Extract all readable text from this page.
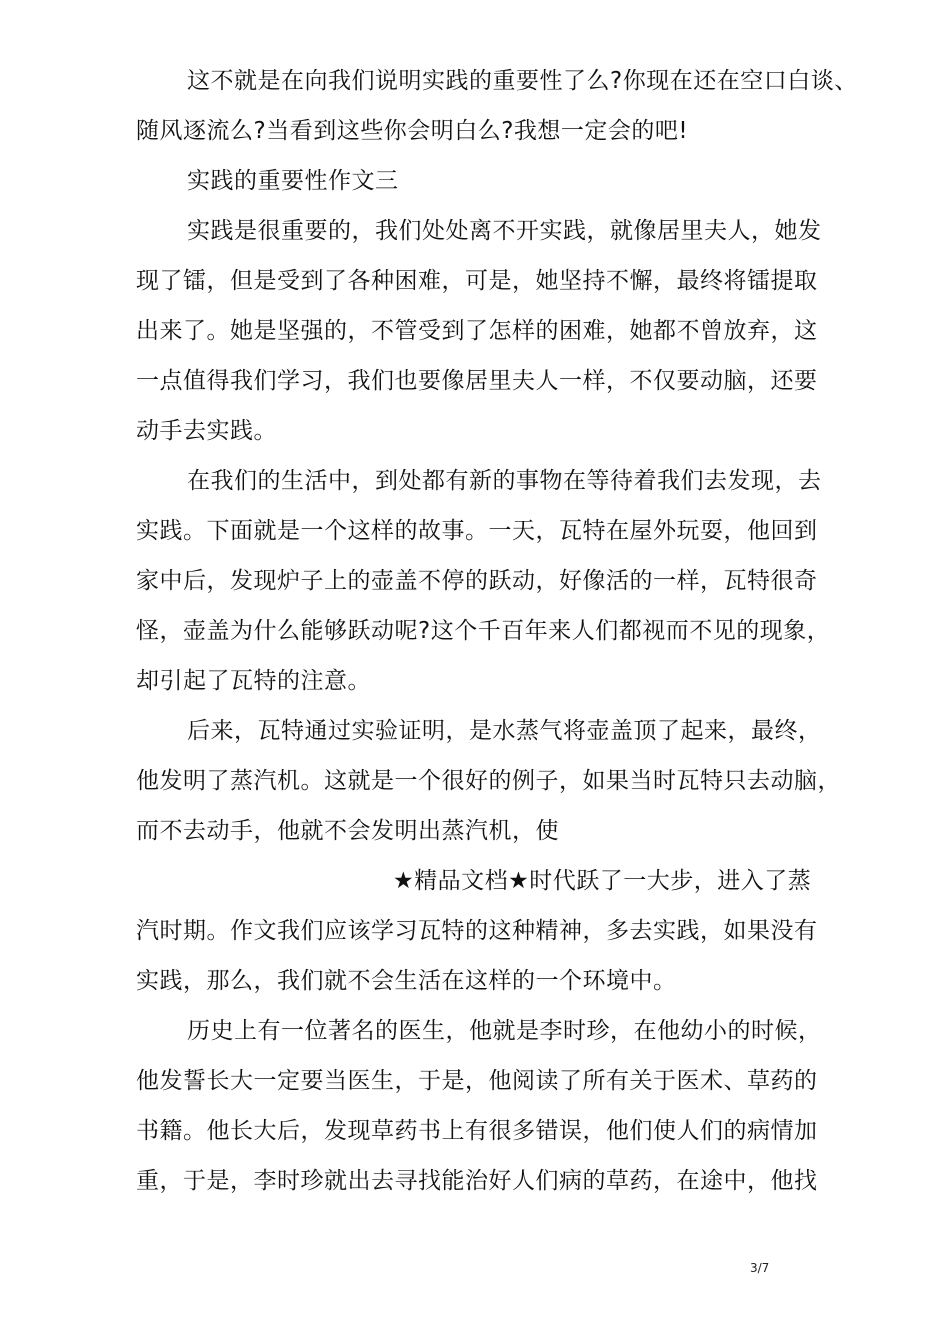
这不就是在向我们说明实践的重要性了么?你现在还在空口白谈、
随风逐流么?当看到这些你会明白么?我想一定会的吧!
实践的重要性作文三
实践是很重要的，我们处处离不开实践，就像居里夫人，她发
现了镭，但是受到了各种困难，可是，她坚持不懈，最终将镭提取
出来了。她是坚强的，不管受到了怎样的困难，她都不曾放弃，这
一点值得我们学习，我们也要像居里夫人一样，不仅要动脑，还要
动手去实践。
在我们的生活中，到处都有新的事物在等待着我们去发现，去
实践。下面就是一个这样的故事。一天，瓦特在屋外玩耍，他回到
家中后，发现炉子上的壶盖不停的跃动，好像活的一样，瓦特很奇
怪，壶盖为什么能够跃动呢?这个千百年来人们都视而不见的现象，
却引起了瓦特的注意。
后来，瓦特通过实验证明，是水蒸气将壶盖顶了起来，最终，
他发明了蒸汽机。这就是一个很好的例子，如果当时瓦特只去动脑，
而不去动手，他就不会发明出蒸汽机，使
★精品文档★时代跃了一大步，进入了蒸
汽时期。作文我们应该学习瓦特的这种精神，多去实践，如果没有
实践，那么，我们就不会生活在这样的一个环境中。
历史上有一位著名的医生，他就是李时珍，在他幼小的时候，
他发誓长大一定要当医生，于是，他阅读了所有关于医术、草药的
书籍。他长大后，发现草药书上有很多错误，他们使人们的病情加
重，于是，李时珍就出去寻找能治好人们病的草药，在途中，他找
3/7
